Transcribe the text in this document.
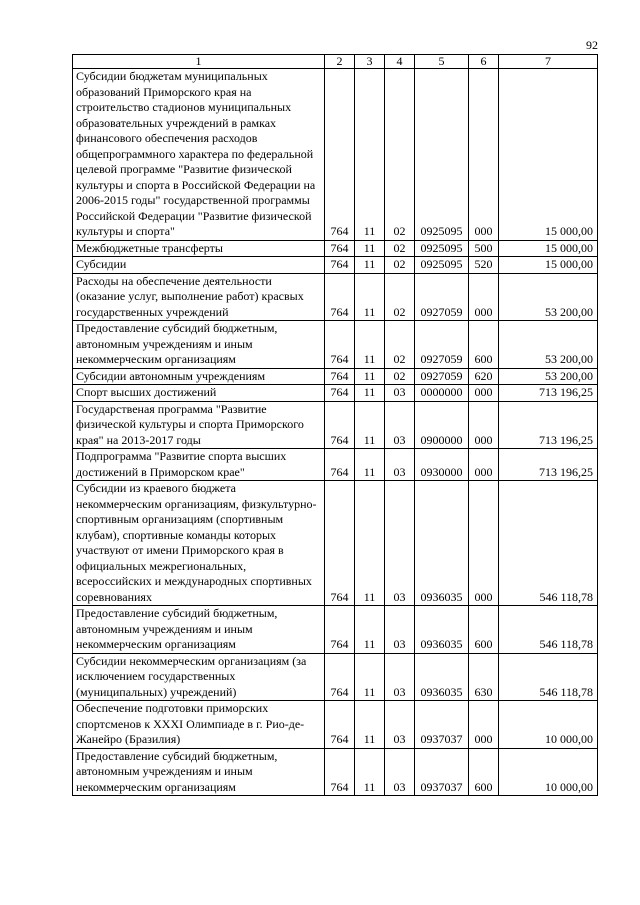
92
1	2	3	4	5	6	7
Субсидии бюджетам муниципальных образований Приморского края на строительство стадионов муниципальных образовательных учреждений в рамках финансового обеспечения расходов общепрограммного характера по федеральной целевой программе "Развитие физической культуры и спорта в Российской Федерации на 2006-2015 годы" государственной программы Российской Федерации "Развитие физической культуры и спорта"	764	11	02	0925095	000	15 000,00
Межбюджетные трансферты	764	11	02	0925095	500	15 000,00
Субсидии	764	11	02	0925095	520	15 000,00
Расходы на обеспечение деятельности (оказание услуг, выполнение работ) красвых государственных учреждений	764	11	02	0927059	000	53 200,00
Предоставление субсидий бюджетным, автономным учреждениям и иным некоммерческим организациям	764	11	02	0927059	600	53 200,00
Субсидии автономным учреждениям	764	11	02	0927059	620	53 200,00
Спорт высших достижений	764	11	03	0000000	000	713 196,25
Государственая программа "Развитие физической культуры и спорта Приморского края" на 2013-2017 годы	764	11	03	0900000	000	713 196,25
Подпрограмма "Развитие спорта высших достижений в Приморском крае"	764	11	03	0930000	000	713 196,25
Субсидии из краевого бюджета некоммерческим организациям, физкультурно-спортивным организациям (спортивным клубам), спортивные команды которых участвуют от имени Приморского края в официальных межрегиональных, всероссийских и международных спортивных соревнованиях	764	11	03	0936035	000	546 118,78
Предоставление субсидий бюджетным, автономным учреждениям и иным некоммерческим организациям	764	11	03	0936035	600	546 118,78
Субсидии некоммерческим организациям (за исключением государственных (муниципальных) учреждений)	764	11	03	0936035	630	546 118,78
Обеспечение подготовки приморских спортсменов к XXXI Олимпиаде в г. Рио-де-Жанейро (Бразилия)	764	11	03	0937037	000	10 000,00
Предоставление субсидий бюджетным, автономным учреждениям и иным некоммерческим организациям	764	11	03	0937037	600	10 000,00
